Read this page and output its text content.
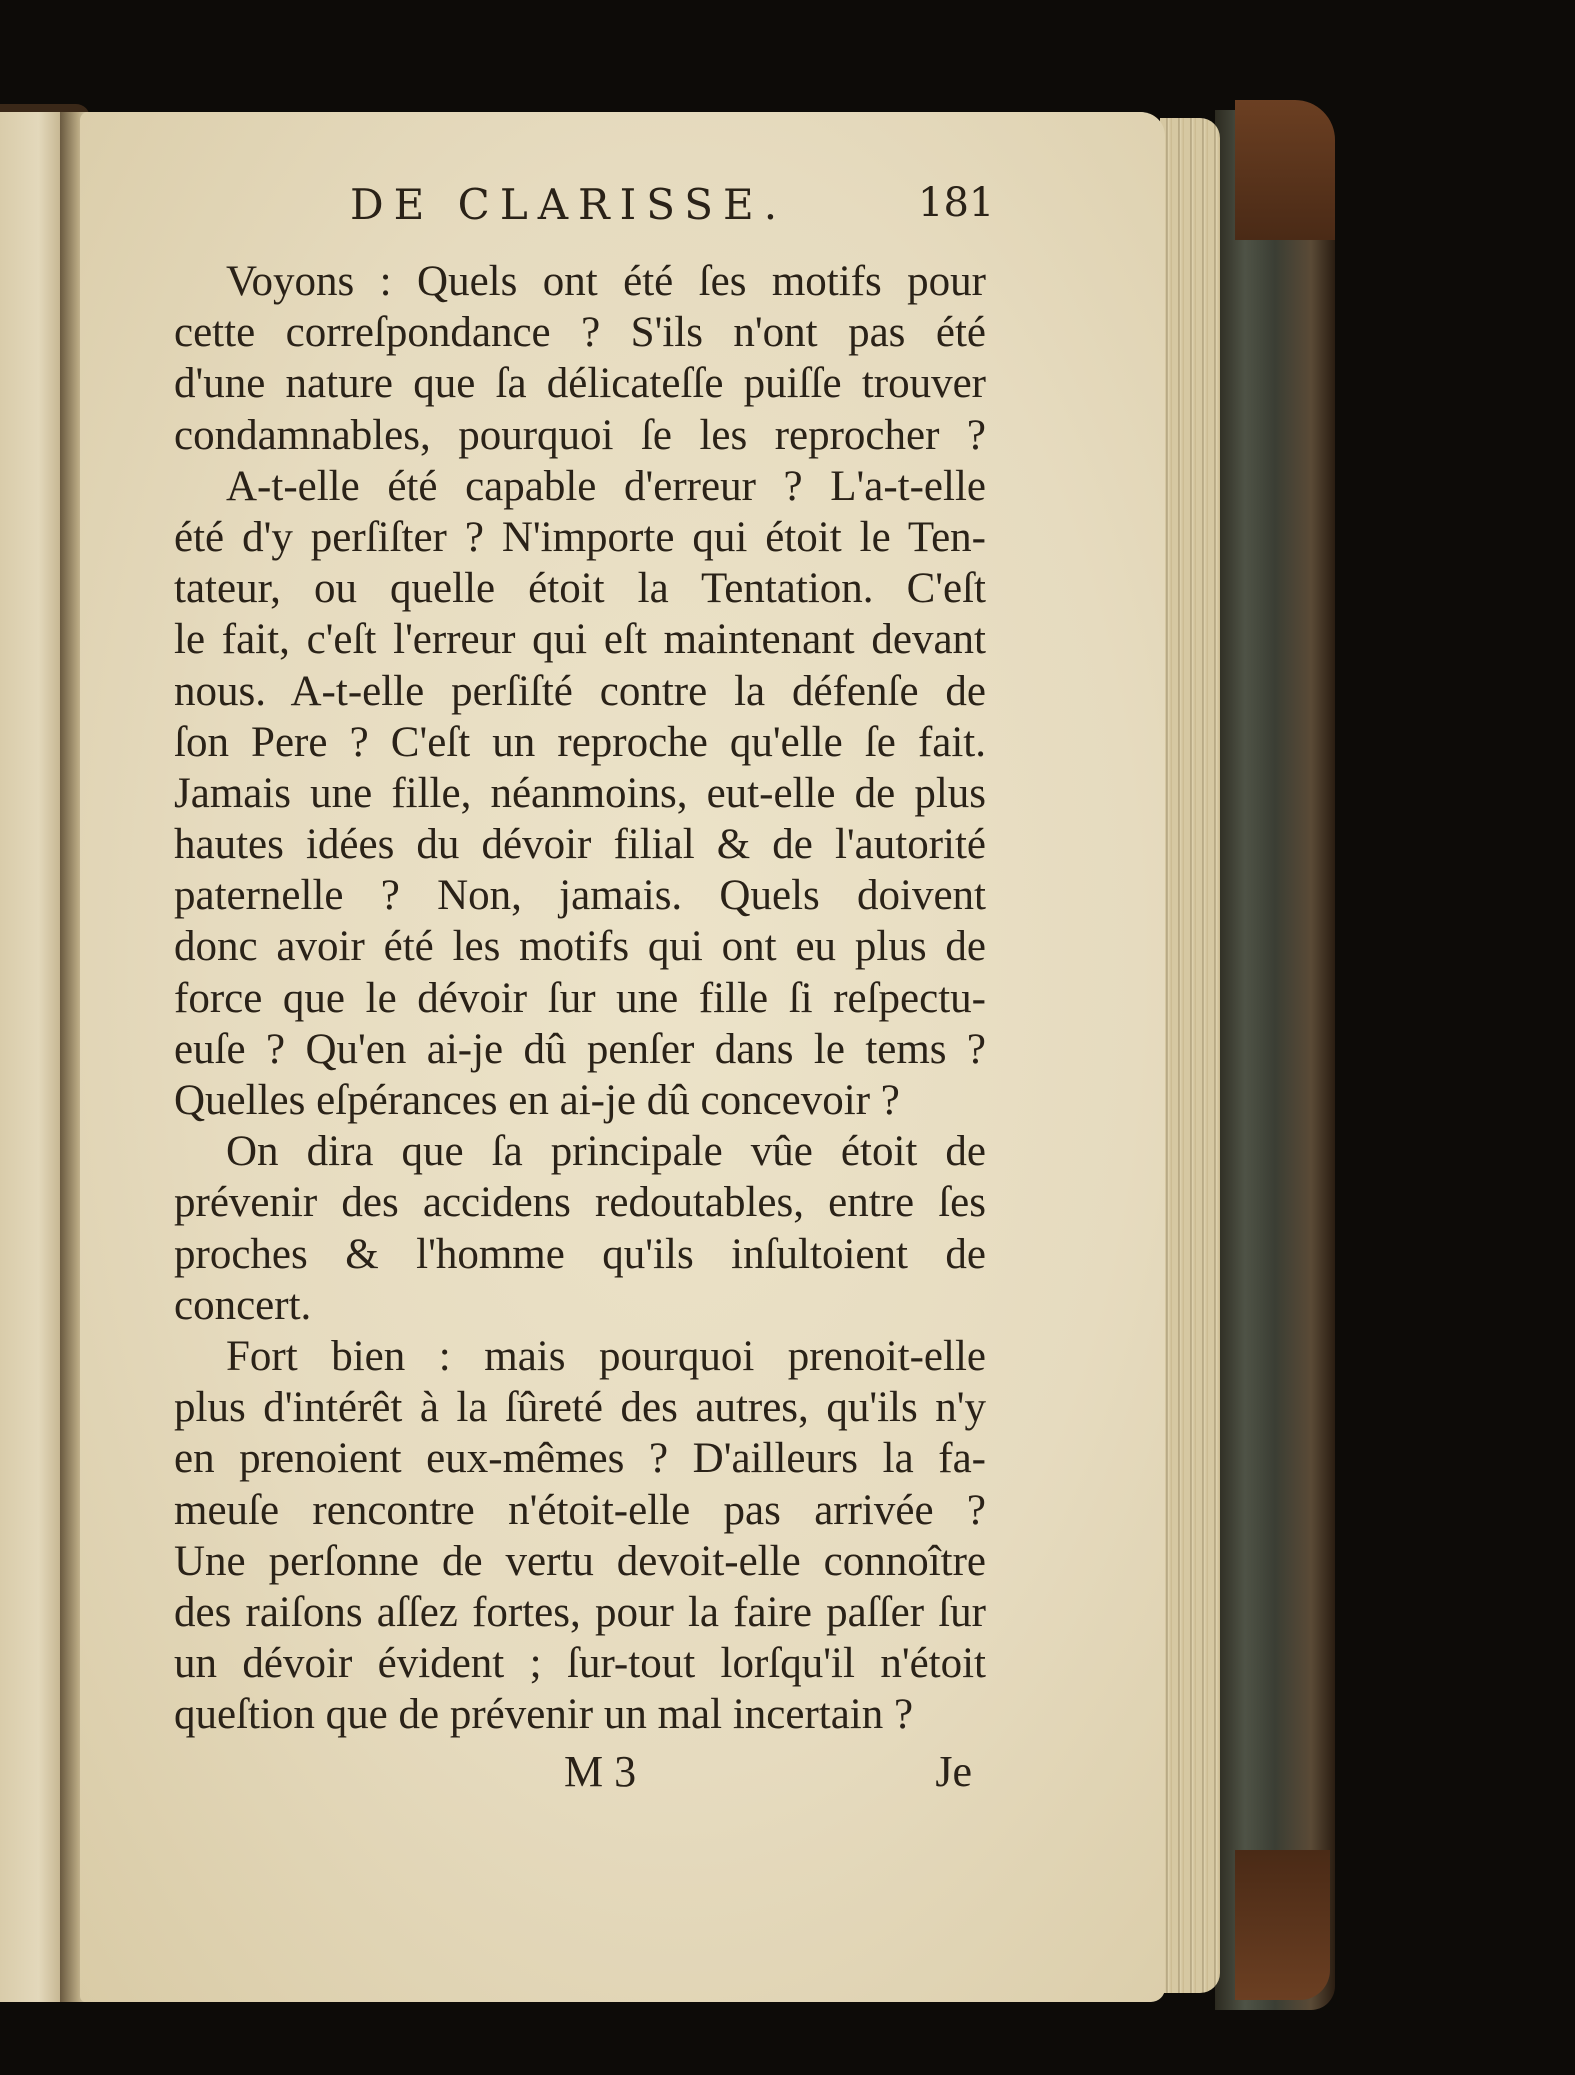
DE CLARISSE.	181
Voyons : Quels ont été ſes motifs pour
cette correſpondance ? S'ils n'ont pas été
d'une nature que ſa délicateſſe puiſſe trouver
condamnables, pourquoi ſe les reprocher ?
A-t-elle été capable d'erreur ? L'a-t-elle
été d'y perſiſter ? N'importe qui étoit le Ten-
tateur, ou quelle étoit la Tentation. C'eſt
le fait, c'eſt l'erreur qui eſt maintenant devant
nous. A-t-elle perſiſté contre la défenſe de
ſon Pere ? C'eſt un reproche qu'elle ſe fait.
Jamais une fille, néanmoins, eut-elle de plus
hautes idées du dévoir filial & de l'autorité
paternelle ? Non, jamais. Quels doivent
donc avoir été les motifs qui ont eu plus de
force que le dévoir ſur une fille ſi reſpectu-
euſe ? Qu'en ai-je dû penſer dans le tems ?
Quelles eſpérances en ai-je dû concevoir ?
On dira que ſa principale vûe étoit de
prévenir des accidens redoutables, entre ſes
proches & l'homme qu'ils inſultoient de
concert.
Fort bien : mais pourquoi prenoit-elle
plus d'intérêt à la ſûreté des autres, qu'ils n'y
en prenoient eux-mêmes ? D'ailleurs la fa-
meuſe rencontre n'étoit-elle pas arrivée ?
Une perſonne de vertu devoit-elle connoître
des raiſons aſſez fortes, pour la faire paſſer ſur
un dévoir évident ; ſur-tout lorſqu'il n'étoit
queſtion que de prévenir un mal incertain ?
M 3	Je
